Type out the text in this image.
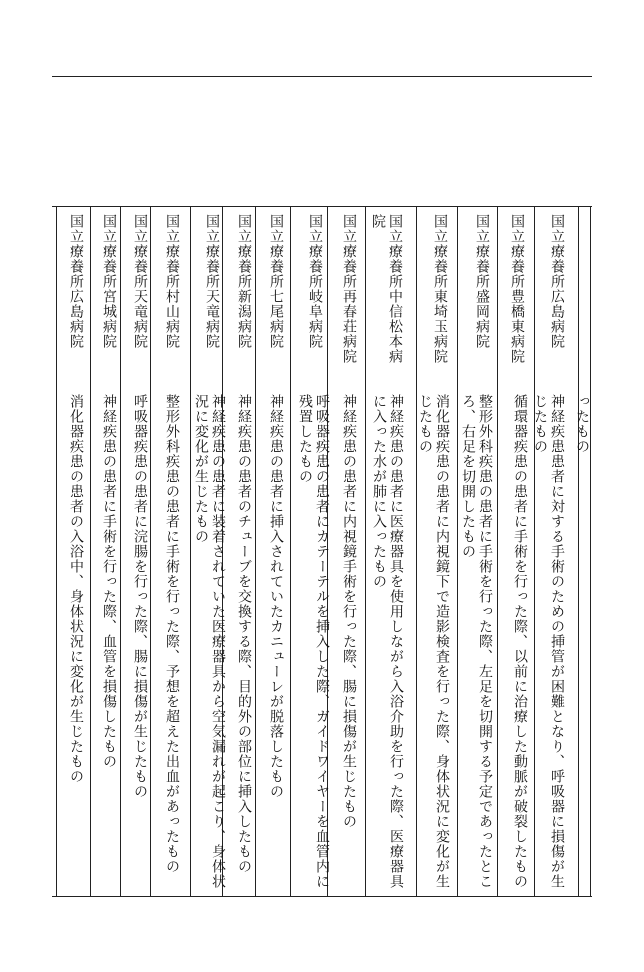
ったもの
国立療養所広島病院
神経疾患患者に対する手術のための挿管が困難となり、呼吸器に損傷が生じたもの
国立療養所豊橋東病院
循環器疾患の患者に手術を行った際、以前に治療した動脈が破裂したもの
国立療養所盛岡病院
整形外科疾患の患者に手術を行った際、左足を切開する予定であったところ、右足を切開したもの
国立療養所東埼玉病院
消化器疾患の患者に内視鏡下で造影検査を行った際、身体状況に変化が生じたもの
国立療養所中信松本病院
神経疾患の患者に医療器具を使用しながら入浴介助を行った際、医療器具に入った水が肺に入ったもの
国立療養所再春荘病院
神経疾患の患者に内視鏡手術を行った際、腸に損傷が生じたもの
国立療養所岐阜病院
呼吸器疾患の患者にカテーテルを挿入した際、ガイドワイヤーを血管内に残置したもの
国立療養所七尾病院
神経疾患の患者に挿入されていたカニューレが脱落したもの
国立療養所新潟病院
神経疾患の患者のチューブを交換する際、目的外の部位に挿入したもの
国立療養所天竜病院
神経疾患の患者に装着されていた医療器具から空気漏れが起こり、身体状況に変化が生じたもの
国立療養所村山病院
整形外科疾患の患者に手術を行った際、予想を超えた出血があったもの
国立療養所天竜病院
呼吸器疾患の患者に浣腸を行った際、腸に損傷が生じたもの
国立療養所宮城病院
神経疾患の患者に手術を行った際、血管を損傷したもの
国立療養所広島病院
消化器疾患の患者の入浴中、身体状況に変化が生じたもの
